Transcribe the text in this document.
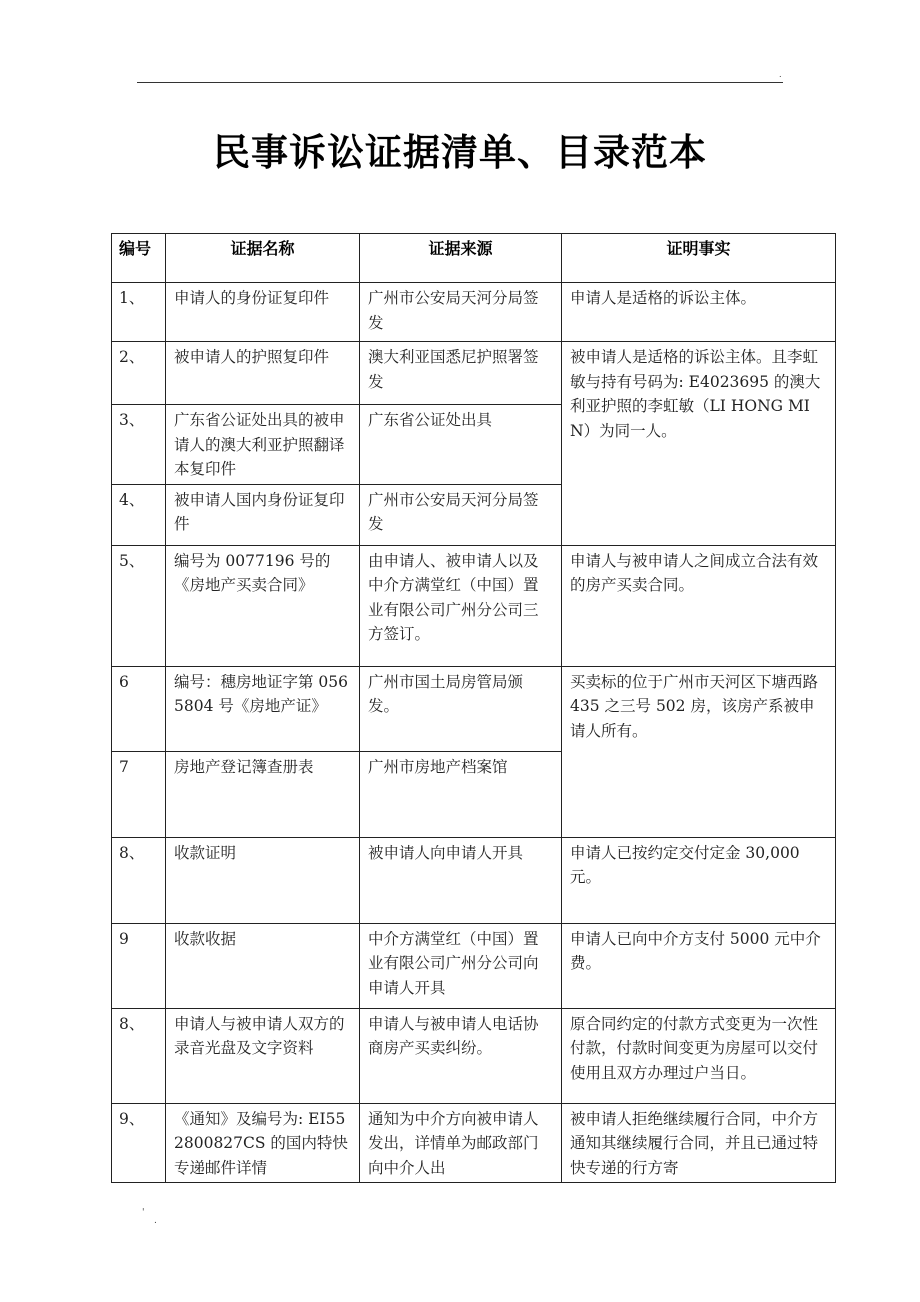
.
民事诉讼证据清单、目录范本
编号	证据名称	证据来源	证明事实
1、	申请人的身份证复印件	广州市公安局天河分局签发	申请人是适格的诉讼主体。
2、	被申请人的护照复印件	澳大利亚国悉尼护照署签发	被申请人是适格的诉讼主体。且李虹敏与持有号码为: E4023695 的澳大利亚护照的李虹敏（LI HONG MIN）为同一人。
3、	广东省公证处出具的被申请人的澳大利亚护照翻译本复印件	广东省公证处出具	
4、	被申请人国内身份证复印件	广州市公安局天河分局签发	
5、	编号为 0077196 号的《房地产买卖合同》	由申请人、被申请人以及中介方满堂红（中国）置业有限公司广州分公司三方签订。	申请人与被申请人之间成立合法有效的房产买卖合同。
6	编号：穗房地证字第 0565804 号《房地产证》	广州市国土局房管局颁发。	买卖标的位于广州市天河区下塘西路 435 之三号 502 房，该房产系被申请人所有。
7	房地产登记簿查册表	广州市房地产档案馆	
8、	收款证明	被申请人向申请人开具	申请人已按约定交付定金 30,000 元。
9	收款收据	中介方满堂红（中国）置业有限公司广州分公司向申请人开具	申请人已向中介方支付 5000 元中介费。
8、	申请人与被申请人双方的录音光盘及文字资料	申请人与被申请人电话协商房产买卖纠纷。	原合同约定的付款方式变更为一次性付款，付款时间变更为房屋可以交付使用且双方办理过户当日。
9、	《通知》及编号为: EI552800827CS 的国内特快专递邮件详情	通知为中介方向被申请人发出，详情单为邮政部门向中介人出	被申请人拒绝继续履行合同，中介方通知其继续履行合同，并且已通过特快专递的行方寄
'
.
